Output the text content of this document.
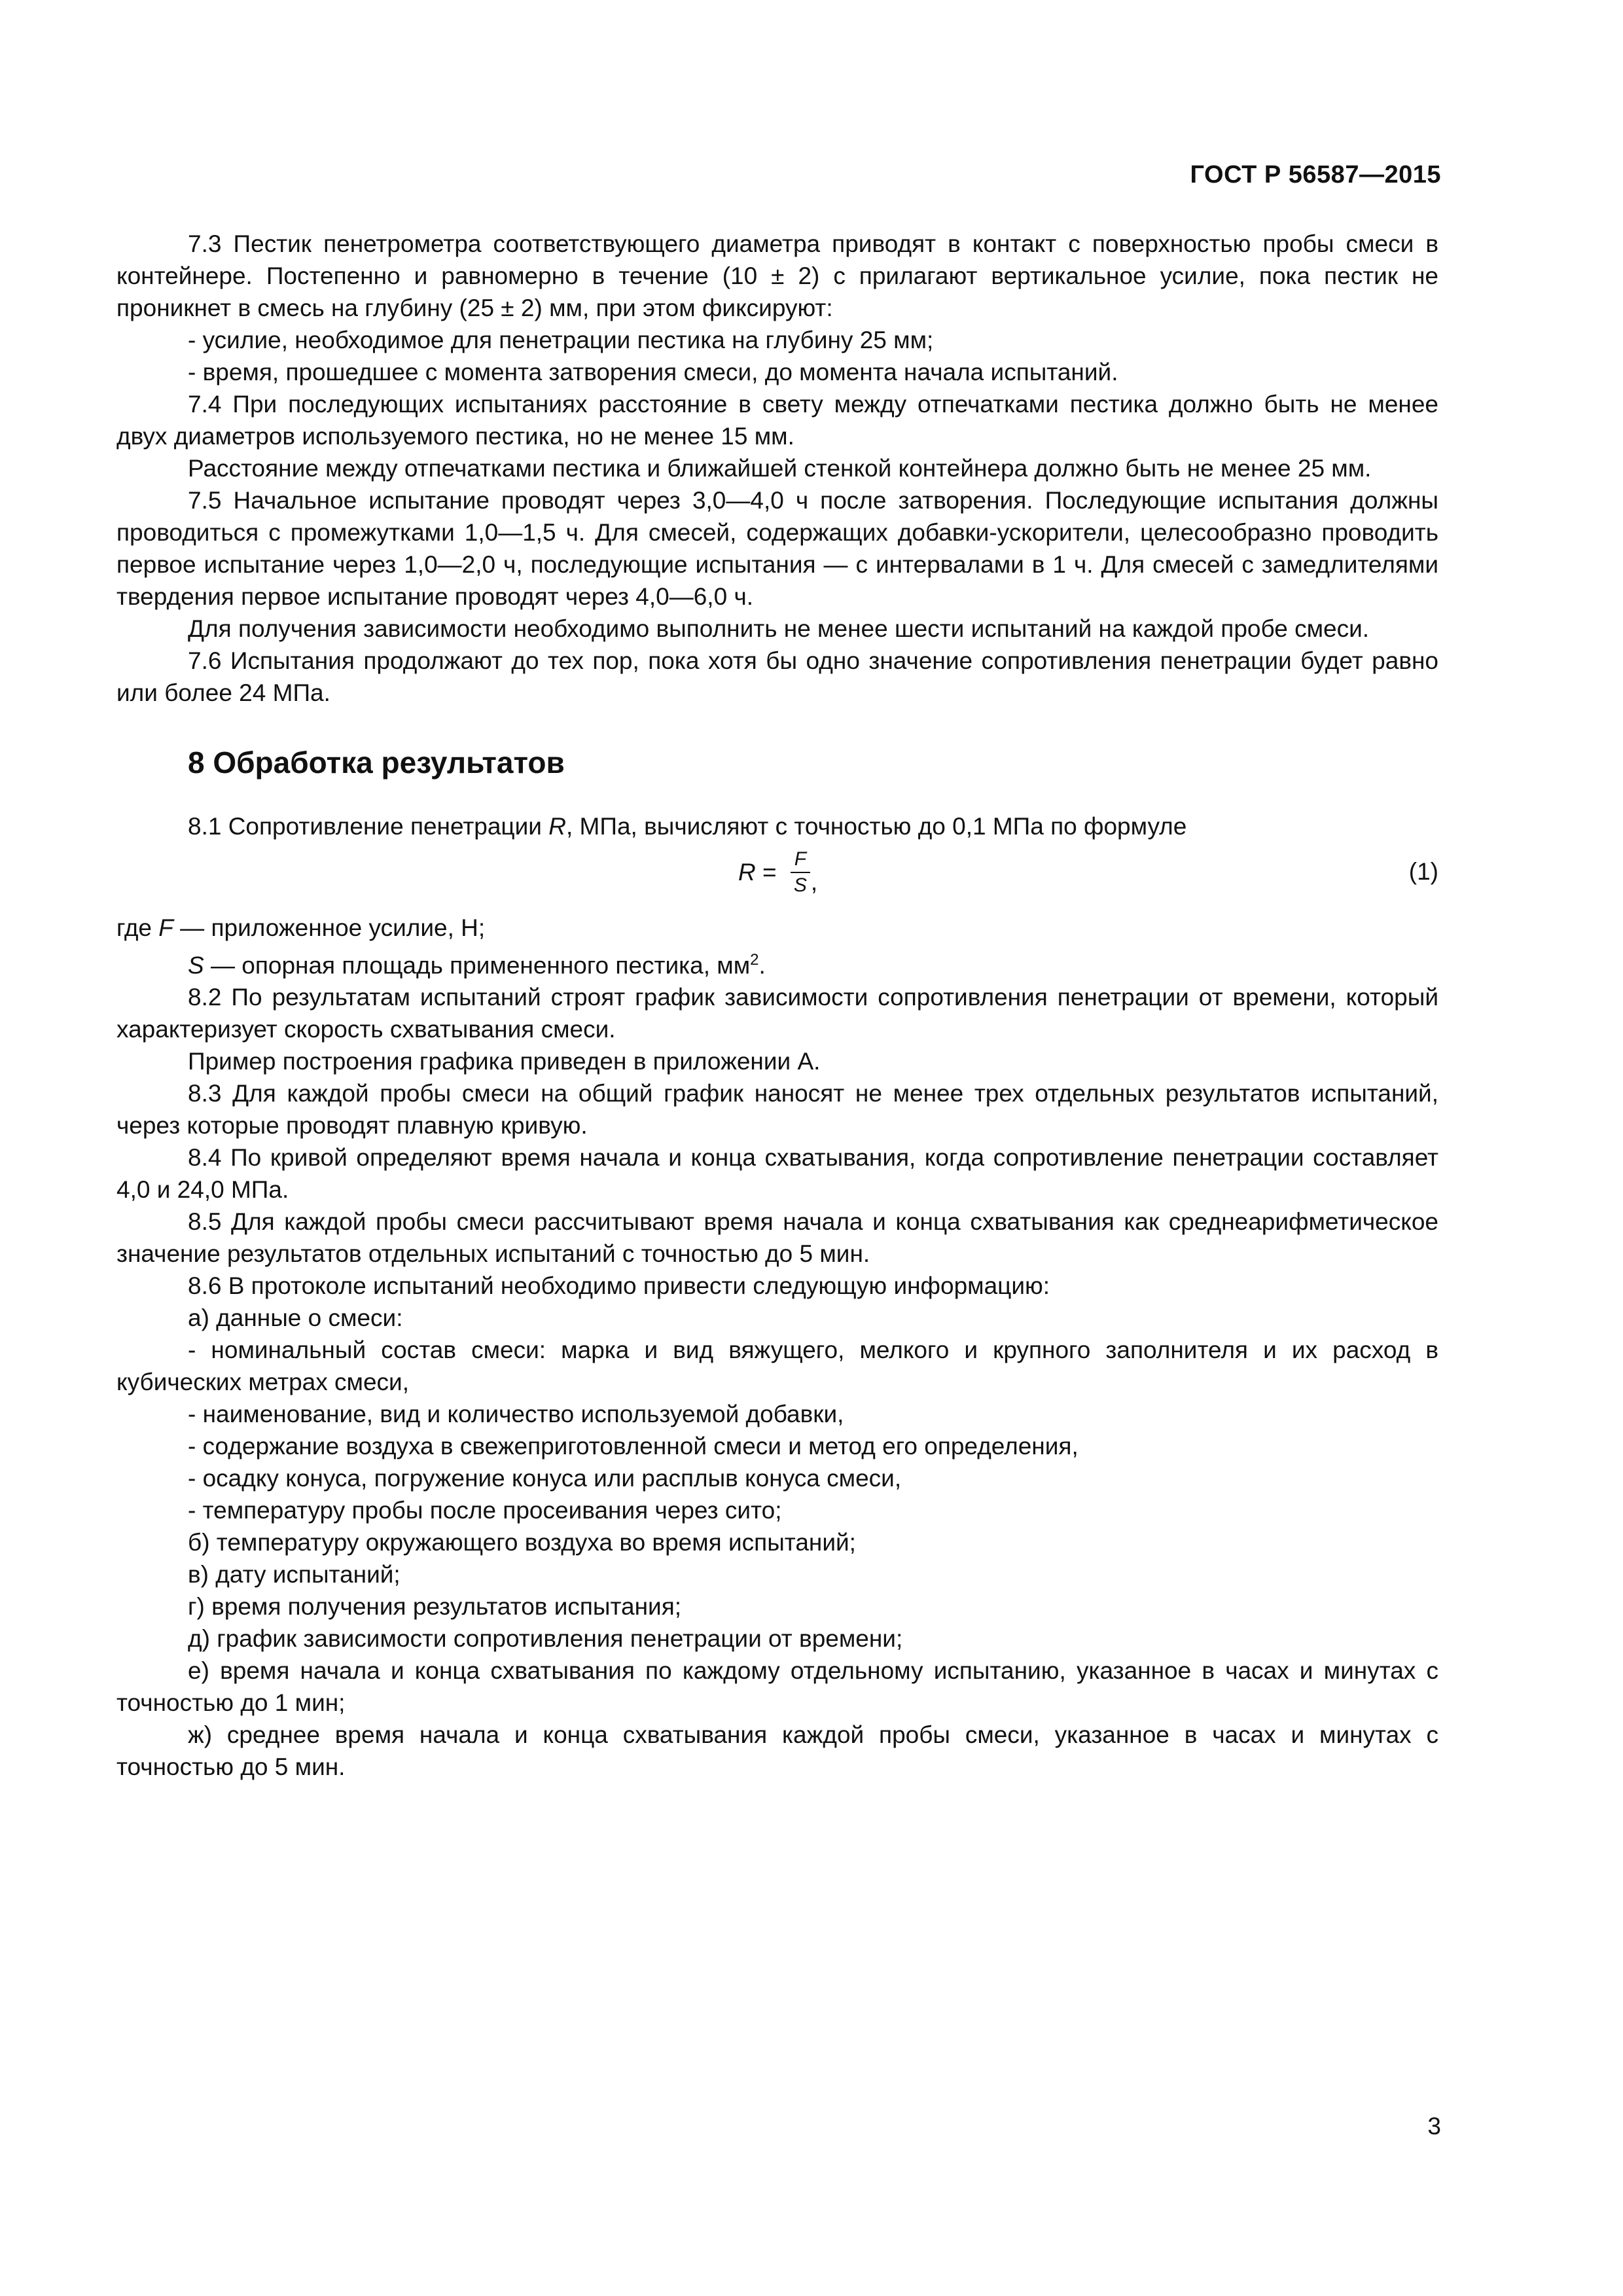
ГОСТ Р 56587—2015

7.3 Пестик пенетрометра соответствующего диаметра приводят в контакт с поверхностью пробы смеси в контейнере. Постепенно и равномерно в течение (10 ± 2) с прилагают вертикальное усилие, пока пестик не проникнет в смесь на глубину (25 ± 2) мм, при этом фиксируют:

- усилие, необходимое для пенетрации пестика на глубину 25 мм;

- время, прошедшее с момента затворения смеси, до момента начала испытаний.

7.4 При последующих испытаниях расстояние в свету между отпечатками пестика должно быть не менее двух диаметров используемого пестика, но не менее 15 мм.

Расстояние между отпечатками пестика и ближайшей стенкой контейнера должно быть не менее 25 мм.

7.5 Начальное испытание проводят через 3,0—4,0 ч после затворения. Последующие испытания должны проводиться с промежутками 1,0—1,5 ч. Для смесей, содержащих добавки-ускорители, целесообразно проводить первое испытание через 1,0—2,0 ч, последующие испытания — с интервалами в 1 ч. Для смесей с замедлителями твердения первое испытание проводят через 4,0—6,0 ч.

Для получения зависимости необходимо выполнить не менее шести испытаний на каждой пробе смеси.

7.6 Испытания продолжают до тех пор, пока хотя бы одно значение сопротивления пенетрации будет равно или более 24 МПа.

8 Обработка результатов

8.1 Сопротивление пенетрации R, МПа, вычисляют с точностью до 0,1 МПа по формуле

$R = \frac{F}{S}$ ,	(1)

где F — приложенное усилие, Н;

S — опорная площадь примененного пестика, $мм^2$.

8.2 По результатам испытаний строят график зависимости сопротивления пенетрации от времени, который характеризует скорость схватывания смеси.

Пример построения графика приведен в приложении А.

8.3 Для каждой пробы смеси на общий график наносят не менее трех отдельных результатов испытаний, через которые проводят плавную кривую.

8.4 По кривой определяют время начала и конца схватывания, когда сопротивление пенетрации составляет 4,0 и 24,0 МПа.

8.5 Для каждой пробы смеси рассчитывают время начала и конца схватывания как среднеарифметическое значение результатов отдельных испытаний с точностью до 5 мин.

8.6 В протоколе испытаний необходимо привести следующую информацию:

а) данные о смеси:

- номинальный состав смеси: марка и вид вяжущего, мелкого и крупного заполнителя и их расход в кубических метрах смеси,

- наименование, вид и количество используемой добавки,

- содержание воздуха в свежеприготовленной смеси и метод его определения,

- осадку конуса, погружение конуса или расплыв конуса смеси,

- температуру пробы после просеивания через сито;

б) температуру окружающего воздуха во время испытаний;

в) дату испытаний;

г) время получения результатов испытания;

д) график зависимости сопротивления пенетрации от времени;

е) время начала и конца схватывания по каждому отдельному испытанию, указанное в часах и минутах с точностью до 1 мин;

ж) среднее время начала и конца схватывания каждой пробы смеси, указанное в часах и минутах с точностью до 5 мин.

3
